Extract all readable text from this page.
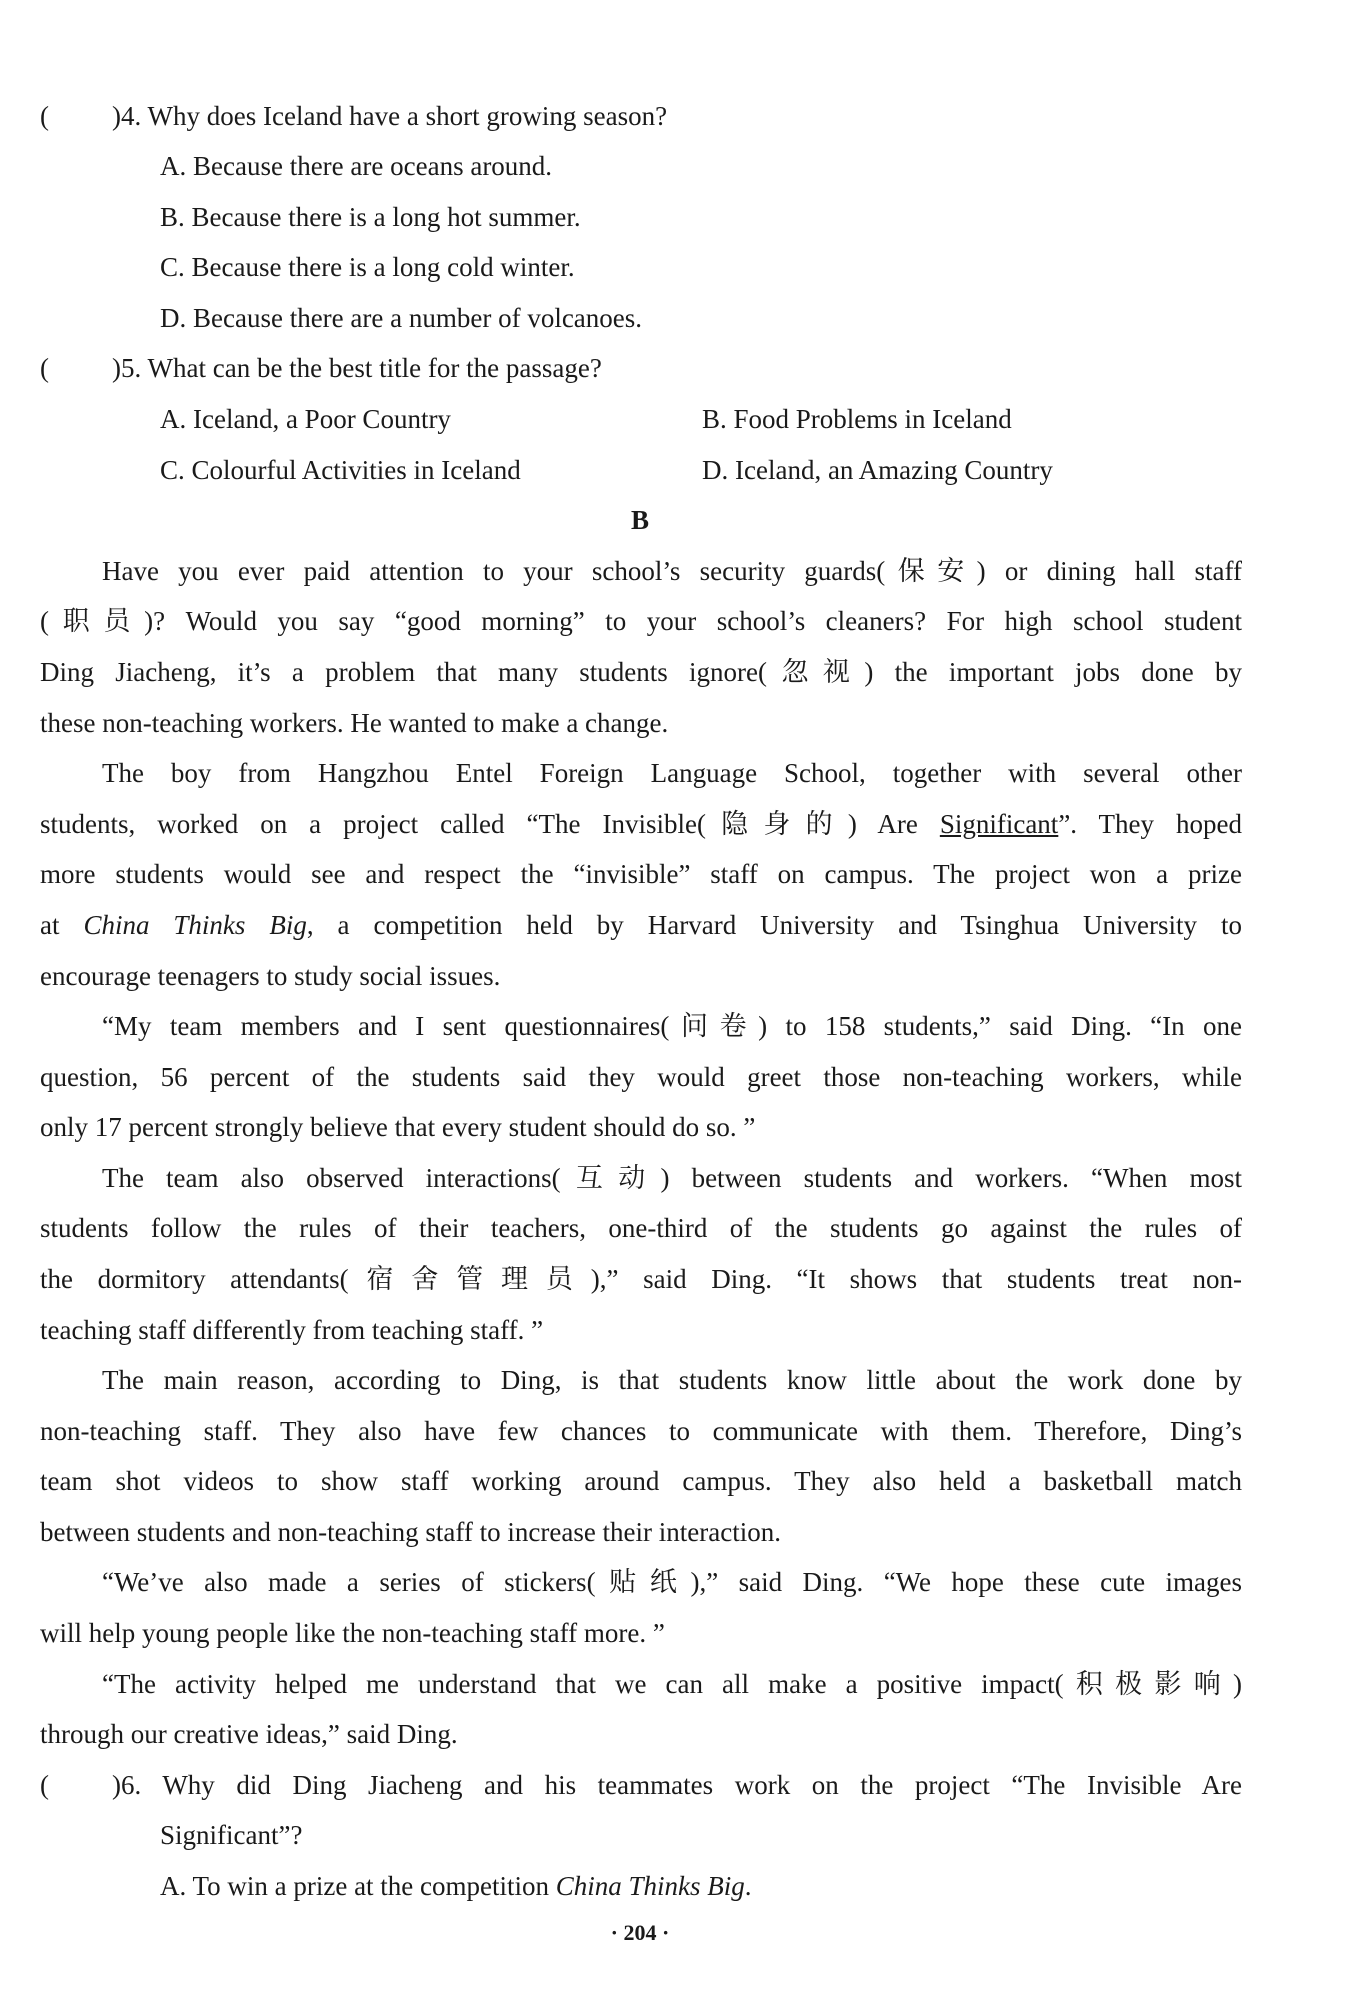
( )4. Why does Iceland have a short growing season?
A. Because there are oceans around.
B. Because there is a long hot summer.
C. Because there is a long cold winter.
D. Because there are a number of volcanoes.
( )5. What can be the best title for the passage?
A. Iceland, a Poor Country	B. Food Problems in Iceland
C. Colourful Activities in Iceland	D. Iceland, an Amazing Country
B
Have you ever paid attention to your school’s security guards(保安) or dining hall staff
(职员)? Would you say “good morning” to your school’s cleaners? For high school student
Ding Jiacheng, it’s a problem that many students ignore(忽视) the important jobs done by
these non-teaching workers. He wanted to make a change.
The boy from Hangzhou Entel Foreign Language School, together with several other
students, worked on a project called “The Invisible(隐身的) Are Significant”. They hoped
more students would see and respect the “invisible” staff on campus. The project won a prize
at China Thinks Big, a competition held by Harvard University and Tsinghua University to
encourage teenagers to study social issues.
“My team members and I sent questionnaires(问卷) to 158 students,” said Ding. “In one
question, 56 percent of the students said they would greet those non-teaching workers, while
only 17 percent strongly believe that every student should do so. ”
The team also observed interactions(互动) between students and workers. “When most
students follow the rules of their teachers, one-third of the students go against the rules of
the dormitory attendants(宿舍管理员),” said Ding. “It shows that students treat non-
teaching staff differently from teaching staff. ”
The main reason, according to Ding, is that students know little about the work done by
non-teaching staff. They also have few chances to communicate with them. Therefore, Ding’s
team shot videos to show staff working around campus. They also held a basketball match
between students and non-teaching staff to increase their interaction.
“We’ve also made a series of stickers(贴纸),” said Ding. “We hope these cute images
will help young people like the non-teaching staff more. ”
“The activity helped me understand that we can all make a positive impact(积极影响)
through our creative ideas,” said Ding.
( )6. Why did Ding Jiacheng and his teammates work on the project “The Invisible Are
Significant”?
A. To win a prize at the competition China Thinks Big.
· 204 ·
